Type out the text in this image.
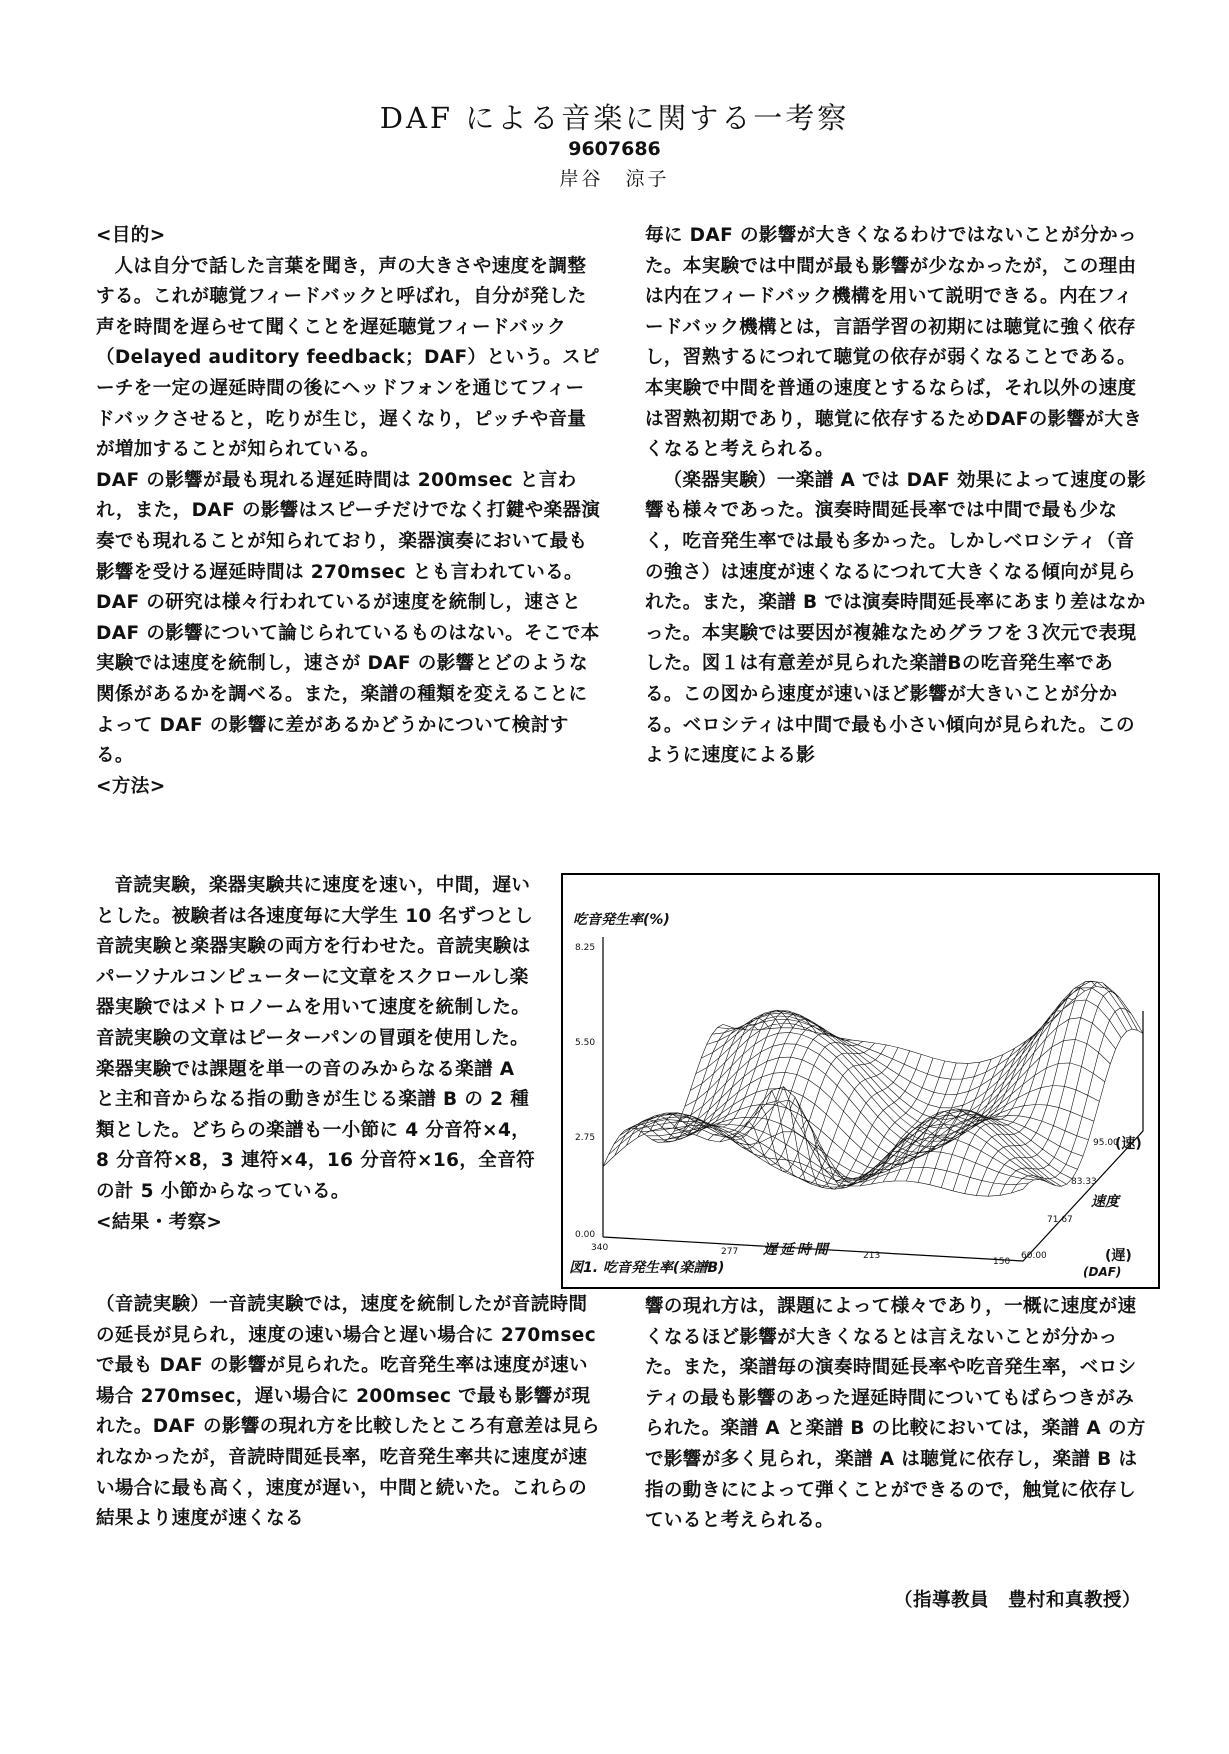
DAF による音楽に関する一考察
9607686
岸谷　涼子

<目的>

人は自分で話した言葉を聞き，声の大きさや速度を調整する。これが聴覚フィードバックと呼ばれ，自分が発した声を時間を遅らせて聞くことを遅延聴覚フィードバック（Delayed auditory feedback；DAF）という。スピーチを一定の遅延時間の後にヘッドフォンを通じてフィードバックさせると，吃りが生じ，遅くなり，ピッチや音量が増加することが知られている。

DAF の影響が最も現れる遅延時間は 200msec と言われ，また，DAF の影響はスピーチだけでなく打鍵や楽器演奏でも現れることが知られており，楽器演奏において最も影響を受ける遅延時間は 270msec とも言われている。DAF の研究は様々行われているが速度を統制し，速さと DAF の影響について論じられているものはない。そこで本実験では速度を統制し，速さが DAF の影響とどのような関係があるかを調べる。また，楽譜の種類を変えることによって DAF の影響に差があるかどうかについて検討する。

<方法>

音読実験，楽器実験共に速度を速い，中間，遅いとした。被験者は各速度毎に大学生 10 名ずつとし音読実験と楽器実験の両方を行わせた。音読実験はパーソナルコンピューターに文章をスクロールし楽器実験ではメトロノームを用いて速度を統制した。音読実験の文章はピーターパンの冒頭を使用した。楽器実験では課題を単一の音のみからなる楽譜 A と主和音からなる指の動きが生じる楽譜 B の 2 種類とした。どちらの楽譜も一小節に 4 分音符×4，8 分音符×8，3 連符×4，16 分音符×16，全音符の計 5 小節からなっている。

<結果・考察>

（音読実験）一音読実験では，速度を統制したが音読時間の延長が見られ，速度の速い場合と遅い場合に 270msec で最も DAF の影響が見られた。吃音発生率は速度が速い場合 270msec，遅い場合に 200msec で最も影響が現れた。DAF の影響の現れ方を比較したところ有意差は見られなかったが，音読時間延長率，吃音発生率共に速度が速い場合に最も高く，速度が遅い，中間と続いた。これらの結果より速度が速くなる

毎に DAF の影響が大きくなるわけではないことが分かった。本実験では中間が最も影響が少なかったが，この理由は内在フィードバック機構を用いて説明できる。内在フィードバック機構とは，言語学習の初期には聴覚に強く依存し，習熟するにつれて聴覚の依存が弱くなることである。本実験で中間を普通の速度とするならば，それ以外の速度は習熟初期であり，聴覚に依存するためDAFの影響が大きくなると考えられる。

（楽器実験）一楽譜 A では DAF 効果によって速度の影響も様々であった。演奏時間延長率では中間で最も少なく，吃音発生率では最も多かった。しかしベロシティ（音の強さ）は速度が速くなるにつれて大きくなる傾向が見られた。また，楽譜 B では演奏時間延長率にあまり差はなかった。本実験では要因が複雑なためグラフを３次元で表現した。図１は有意差が見られた楽譜Bの吃音発生率である。この図から速度が速いほど影響が大きいことが分かる。ベロシティは中間で最も小さい傾向が見られた。このように速度による影

吃音発生率(%)
0.00
2.75
5.50
8.25
340	277	213
150
60.00
71.67
83.33
95.00
(速)
速度
遅延時間	(遅)
図1. 吃音発生率(楽譜B)	(DAF)

響の現れ方は，課題によって様々であり，一概に速度が速くなるほど影響が大きくなるとは言えないことが分かった。また，楽譜毎の演奏時間延長率や吃音発生率，ベロシティの最も影響のあった遅延時間についてもばらつきがみられた。楽譜 A と楽譜 B の比較においては，楽譜 A の方で影響が多く見られ，楽譜 A は聴覚に依存し，楽譜 B は指の動きにによって弾くことができるので，触覚に依存していると考えられる。

（指導教員　豊村和真教授）
